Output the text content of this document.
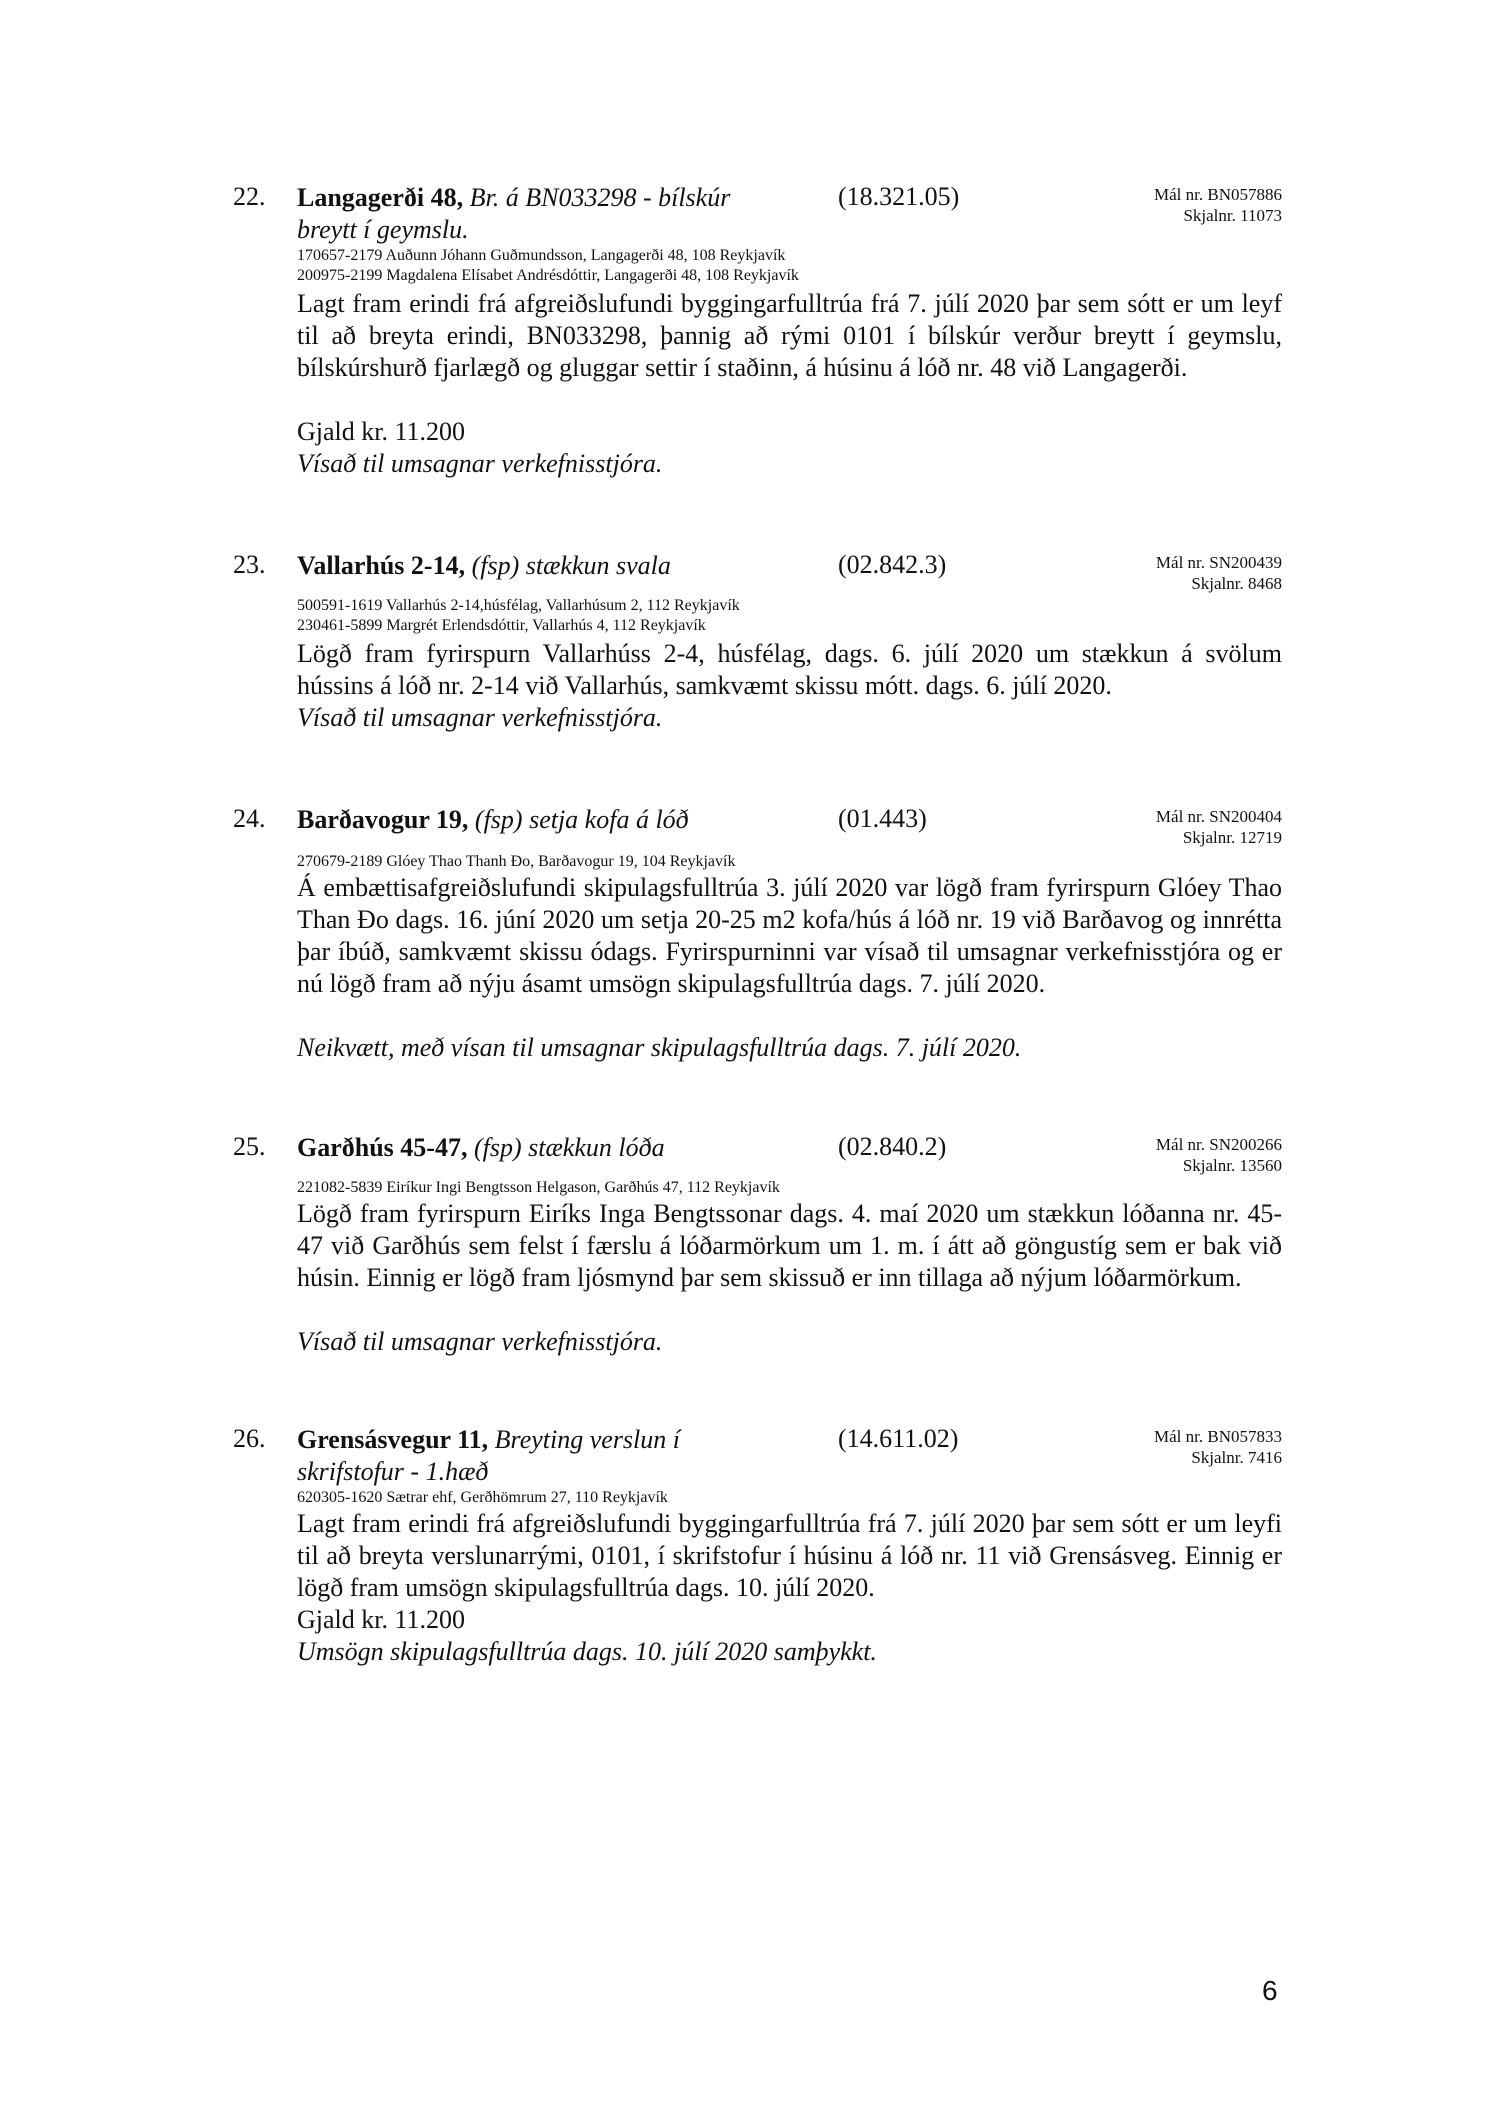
22. Langagerði 48, Br. á BN033298 - bílskúr breytt í geymslu.
(18.321.05)	Mál nr. BN057886
Skjalnr. 11073
170657-2179 Auðunn Jóhann Guðmundsson, Langagerði 48, 108 Reykjavík
200975-2199 Magdalena Elísabet Andrésdóttir, Langagerði 48, 108 Reykjavík

Lagt fram erindi frá afgreiðslufundi byggingarfulltrúa frá 7. júlí 2020 þar sem sótt er um leyf til að breyta erindi, BN033298, þannig að rými 0101 í bílskúr verður breytt í geymslu, bílskúrshurð fjarlægð og gluggar settir í staðinn, á húsinu á lóð nr. 48 við Langagerði.

Gjald kr. 11.200
Vísað til umsagnar verkefnisstjóra.
23. Vallarhús 2-14, (fsp) stækkun svala	(02.842.3)	Mál nr. SN200439
Skjalnr. 8468
500591-1619 Vallarhús 2-14,húsfélag, Vallarhúsum 2, 112 Reykjavík
230461-5899 Margrét Erlendsdóttir, Vallarhús 4, 112 Reykjavík

Lögð fram fyrirspurn Vallarhúss 2-4, húsfélag, dags. 6. júlí 2020 um stækkun á svölum hússins á lóð nr. 2-14 við Vallarhús, samkvæmt skissu mótt. dags. 6. júlí 2020.

Vísað til umsagnar verkefnisstjóra.
24. Barðavogur 19, (fsp) setja kofa á lóð	(01.443)	Mál nr. SN200404
Skjalnr. 12719
270679-2189 Glóey Thao Thanh Đo, Barðavogur 19, 104 Reykjavík

Á embættisafgreiðslufundi skipulagsfulltrúa 3. júlí 2020 var lögð fram fyrirspurn Glóey Thao Than Đo dags. 16. júní 2020 um setja 20-25 m2 kofa/hús á lóð nr. 19 við Barðavog og innrétta þar íbúð, samkvæmt skissu ódags. Fyrirspurninni var vísað til umsagnar verkefnisstjóra og er nú lögð fram að nýju ásamt umsögn skipulagsfulltrúa dags. 7. júlí 2020.

Neikvætt, með vísan til umsagnar skipulagsfulltrúa dags. 7. júlí 2020.
25. Garðhús 45-47, (fsp) stækkun lóða	(02.840.2)	Mál nr. SN200266
Skjalnr. 13560
221082-5839 Eiríkur Ingi Bengtsson Helgason, Garðhús 47, 112 Reykjavík

Lögð fram fyrirspurn Eiríks Inga Bengtssonar dags. 4. maí 2020 um stækkun lóðanna nr. 45-47 við Garðhús sem felst í færslu á lóðarmörkum um 1. m. í átt að göngustíg sem er bak við húsin. Einnig er lögð fram ljósmynd þar sem skissuð er inn tillaga að nýjum lóðarmörkum.

Vísað til umsagnar verkefnisstjóra.
26. Grensásvegur 11, Breyting verslun í skrifstofur - 1.hæð
(14.611.02)	Mál nr. BN057833
Skjalnr. 7416
620305-1620 Sætrar ehf, Gerðhömrum 27, 110 Reykjavík

Lagt fram erindi frá afgreiðslufundi byggingarfulltrúa frá 7. júlí 2020 þar sem sótt er um leyfi til að breyta verslunarrými, 0101, í skrifstofur í húsinu á lóð nr. 11 við Grensásveg. Einnig er lögð fram umsögn skipulagsfulltrúa dags. 10. júlí 2020.

Gjald kr. 11.200
Umsögn skipulagsfulltrúa dags. 10. júlí 2020 samþykkt.
6
